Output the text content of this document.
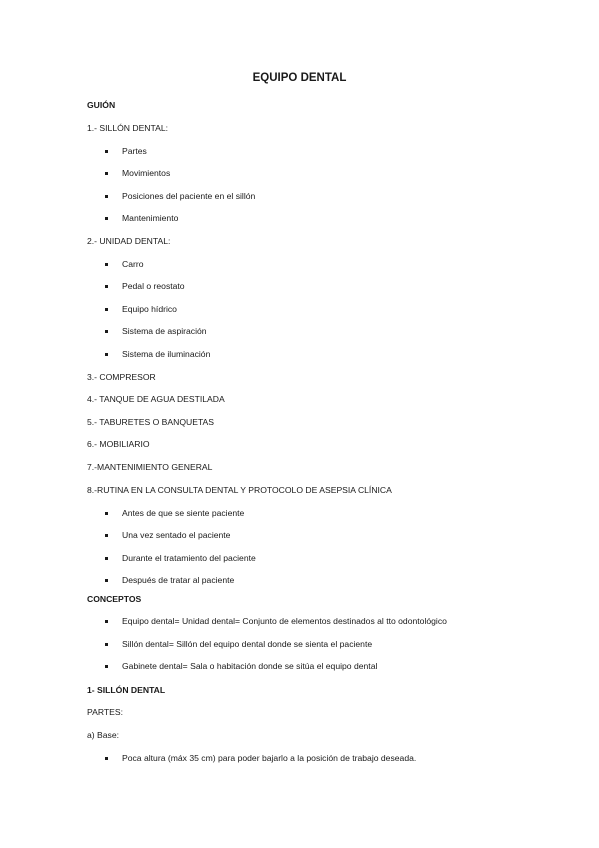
EQUIPO DENTAL
GUIÓN
1.- SILLÓN DENTAL:
Partes
Movimientos
Posiciones del paciente en el sillón
Mantenimiento
2.- UNIDAD DENTAL:
Carro
Pedal o reostato
Equipo hídrico
Sistema de aspiración
Sistema de iluminación
3.- COMPRESOR
4.- TANQUE DE AGUA DESTILADA
5.- TABURETES O BANQUETAS
6.- MOBILIARIO
7.-MANTENIMIENTO GENERAL
8.-RUTINA EN LA CONSULTA DENTAL Y PROTOCOLO DE ASEPSIA CLÍNICA
Antes de que se siente paciente
Una vez sentado el paciente
Durante el tratamiento del paciente
Después de tratar al paciente
CONCEPTOS
Equipo dental= Unidad dental= Conjunto de elementos destinados al tto odontológico
Sillón dental= Sillón del equipo dental donde se sienta el paciente
Gabinete dental= Sala o habitación donde se sitúa el equipo dental
1- SILLÓN DENTAL
PARTES:
a) Base:
Poca altura (máx 35 cm) para poder bajarlo a la posición de trabajo deseada.
